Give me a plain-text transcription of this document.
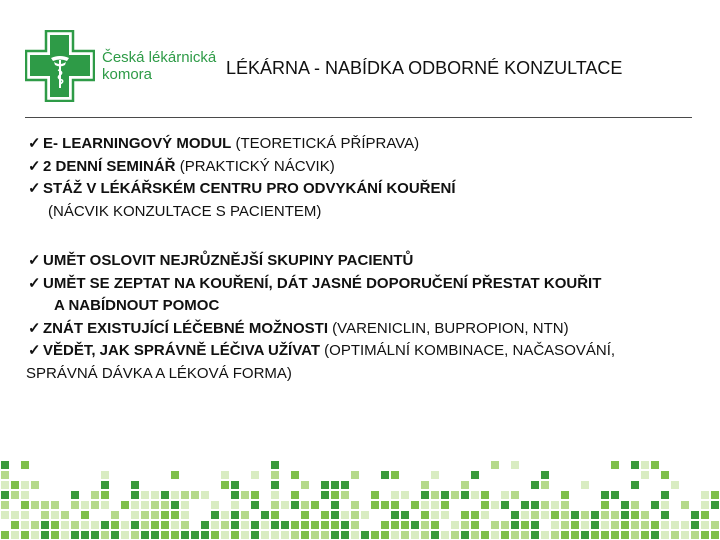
Česká lékárnická
komora	LÉKÁRNA - NABÍDKA ODBORNÉ KONZULTACE
✓ E- LEARNINGOVÝ MODUL (TEORETICKÁ PŘÍPRAVA)
✓ 2 DENNÍ SEMINÁŘ (PRAKTICKÝ NÁCVIK)
✓ STÁŽ V LÉKÁŘSKÉM CENTRU PRO ODVYKÁNÍ KOUŘENÍ
(NÁCVIK KONZULTACE S PACIENTEM)
✓ UMĚT OSLOVIT NEJRŮZNĚJŠÍ SKUPINY PACIENTŮ
✓ UMĚT SE ZEPTAT NA KOUŘENÍ, DÁT JASNÉ DOPORUČENÍ PŘESTAT KOUŘIT
A NABÍDNOUT POMOC
✓ ZNÁT EXISTUJÍCÍ LÉČEBNÉ MOŽNOSTI (VARENICLIN, BUPROPION, NTN)
✓ VĚDĚT, JAK SPRÁVNĚ LÉČIVA UŽÍVAT (OPTIMÁLNÍ KOMBINACE, NAČASOVÁNÍ,
SPRÁVNÁ DÁVKA A LÉKOVÁ FORMA)
